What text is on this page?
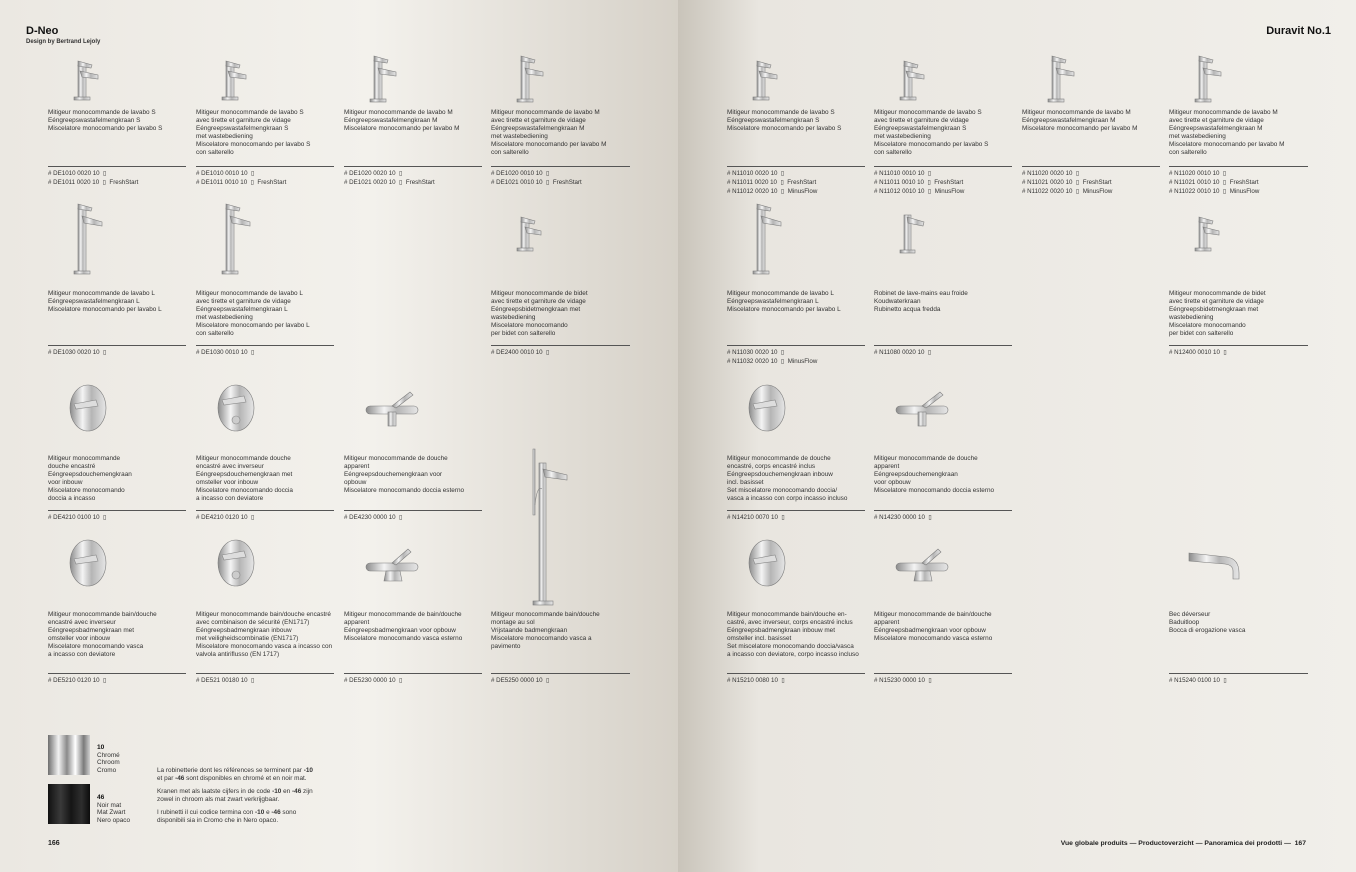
D-Neo
Design by Bertrand Lejoly
Mitigeur monocommande de lavabo S
Eéngreepswastafelmengkraan S
Miscelatore monocomando per lavabo S
# DE1010 0020 10  ▯
# DE1011 0020 10  ▯  FreshStart
Mitigeur monocommande de lavabo S
avec tirette et garniture de vidage
Eéngreepswastafelmengkraan S
met wastebediening
Miscelatore monocomando per lavabo S
con salterello
# DE1010 0010 10  ▯
# DE1011 0010 10  ▯  FreshStart
Mitigeur monocommande de lavabo M
Eéngreepswastafelmengkraan M
Miscelatore monocomando per lavabo M
# DE1020 0020 10  ▯
# DE1021 0020 10  ▯  FreshStart
Mitigeur monocommande de lavabo M
avec tirette et garniture de vidage
Eéngreepswastafelmengkraan M
met wastebediening
Miscelatore monocomando per lavabo M
con salterello
# DE1020 0010 10  ▯
# DE1021 0010 10  ▯  FreshStart
Mitigeur monocommande de lavabo L
Eéngreepswastafelmengkraan L
Miscelatore monocomando per lavabo L
# DE1030 0020 10  ▯
Mitigeur monocommande de lavabo L
avec tirette et garniture de vidage
Eéngreepswastafelmengkraan L
met wastebediening
Miscelatore monocomando per lavabo L
con salterello
# DE1030 0010 10  ▯
Mitigeur monocommande de bidet
avec tirette et garniture de vidage
Eéngreepsbidetmengkraan met
wastebediening
Miscelatore monocomando
per bidet con salterello
# DE2400 0010 10  ▯
Mitigeur monocommande
douche encastré
Eéngreepsdouchemengkraan
voor inbouw
Miscelatore monocomando
doccia a incasso
# DE4210 0100 10  ▯
Mitigeur monocommande douche
encastré avec inverseur
Eéngreepsdouchemengkraan met
omsteller voor inbouw
Miscelatore monocomando doccia
a incasso con deviatore
# DE4210 0120 10  ▯
Mitigeur monocommande de douche
apparent
Eéngreepsdouchemengkraan voor
opbouw
Miscelatore monocomando doccia esterno
# DE4230 0000 10  ▯
Mitigeur monocommande bain/douche
encastré avec inverseur
Eéngreepsbadmengkraan met
omsteller voor inbouw
Miscelatore monocomando vasca
a incasso con deviatore
# DE5210 0120 10  ▯
Mitigeur monocommande bain/douche encastré
avec combinaison de sécurité (EN1717)
Eéngreepsbadmengkraan inbouw
met veiligheidscombinatie (EN1717)
Miscelatore monocomando vasca a incasso con
valvola antiriflusso (EN 1717)
# DE521 00180 10  ▯
Mitigeur monocommande de bain/douche
apparent
Eéngreepsbadmengkraan voor opbouw
Miscelatore monocomando vasca esterno
# DE5230 0000 10  ▯
Mitigeur monocommande bain/douche
montage au sol
Vrijstaande badmengkraan
Miscelatore monocomando vasca a
pavimento
# DE5250 0000 10  ▯
10
Chromé
Chroom
Cromo
46
Noir mat
Mat Zwart
Nero opaco
La robinetterie dont les références se terminent par -10
et par -46 sont disponibles en chromé et en noir mat.
Kranen met als laatste cijfers in de code -10 en -46 zijn
zowel in chroom als mat zwart verkrijgbaar.
I rubinetti il cui codice termina con -10 e -46 sono
disponibili sia in Cromo che in Nero opaco.
166
Duravit No.1
Mitigeur monocommande de lavabo S
Eéngreepswastafelmengkraan S
Miscelatore monocomando per lavabo S
# N11010 0020 10  ▯
# N11011 0020 10  ▯  FreshStart
# N11012 0020 10  ▯  MinusFlow
Mitigeur monocommande de lavabo S
avec tirette et garniture de vidage
Eéngreepswastafelmengkraan S
met wastebediening
Miscelatore monocomando per lavabo S
con salterello
# N11010 0010 10  ▯
# N11011 0010 10  ▯  FreshStart
# N11012 0010 10  ▯  MinusFlow
Mitigeur monocommande de lavabo M
Eéngreepswastafelmengkraan M
Miscelatore monocomando per lavabo M
# N11020 0020 10  ▯
# N11021 0020 10  ▯  FreshStart
# N11022 0020 10  ▯  MinusFlow
Mitigeur monocommande de lavabo M
avec tirette et garniture de vidage
Eéngreepswastafelmengkraan M
met wastebediening
Miscelatore monocomando per lavabo M
con salterello
# N11020 0010 10  ▯
# N11021 0010 10  ▯  FreshStart
# N11022 0010 10  ▯  MinusFlow
Mitigeur monocommande de lavabo L
Eéngreepswastafelmengkraan L
Miscelatore monocomando per lavabo L
# N11030 0020 10  ▯
# N11032 0020 10  ▯  MinusFlow
Robinet de lave-mains eau froide
Koudwaterkraan
Rubinetto acqua fredda
# N11080 0020 10  ▯
Mitigeur monocommande de bidet
avec tirette et garniture de vidage
Eéngreepsbidetmengkraan met
wastebediening
Miscelatore monocomando
per bidet con salterello
# N12400 0010 10  ▯
Mitigeur monocommande de douche
encastré, corps encastré inclus
Eéngreepsdouchemengkraan inbouw
incl. basisset
Set miscelatore monocomando doccia/
vasca a incasso con corpo incasso incluso
# N14210 0070 10  ▯
Mitigeur monocommande de douche
apparent
Eéngreepsdouchemengkraan
voor opbouw
Miscelatore monocomando doccia esterno
# N14230 0000 10  ▯
Mitigeur monocommande bain/douche en-
castré, avec inverseur, corps encastré inclus
Eéngreepsbadmengkraan inbouw met
omsteller incl. basisset
Set miscelatore monocomando doccia/vasca
a incasso con deviatore, corpo incasso incluso
# N15210 0080 10  ▯
Mitigeur monocommande de bain/douche
apparent
Eéngreepsbadmengkraan voor opbouw
Miscelatore monocomando vasca esterno
# N15230 0000 10  ▯
Bec déverseur
Baduitloop
Bocca di erogazione vasca
# N15240 0100 10  ▯
Vue globale produits — Productoverzicht — Panoramica dei prodotti — 167
